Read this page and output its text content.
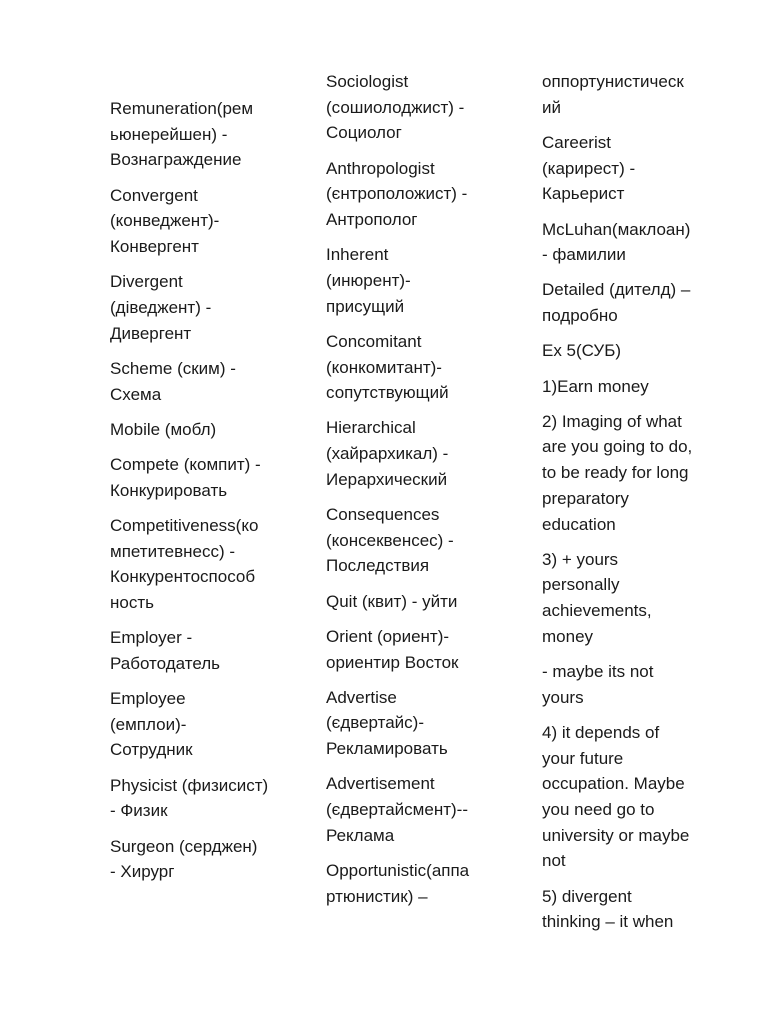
Remuneration(рем
ьюнерейшен) -
Вознаграждение

Convergent
(конведжент)-
Конвергент

Divergent
(діведжент) -
Дивергент

Scheme (ским) -
Схема

Mobile (мобл)

Compete (компит) -
Конкурировать

Competitiveness(ко
мпетитевнесс) -
Конкурентоспособ
ность

Employer -
Работодатель

Employee
(емплои)-
Сотрудник

Physicist (физисист)
- Физик

Surgeon (серджен)
- Хирург

Sociologist
(сошиолоджист) -
Социолог

Anthropologist
(єнтроположист) -
Антрополог

Inherent
(инюрент)-
присущий

Concomitant
(конкомитант)-
сопутствующий

Hierarchical
(хайрархикал) -
Иерархический

Consequences
(консеквенсес) -
Последствия

Quit (квит) - уйти

Orient (ориент)-
ориентир Восток

Advertise
(єдвертайс)-
Рекламировать

Advertisement
(єдвертайсмент)--
Реклама

Opportunistic(аппа
ртюнистик) –

оппортунистическ
ий

Careerist
(карирест) -
Карьерист

McLuhan(маклоан)
- фамилии

Detailed (дителд) –
подробно

Ex 5(СУБ)

1)Earn money

2) Imaging of what
are you going to do,
to be ready for long
preparatory
education

3) + yours
personally
achievements,
money

- maybe its not
yours

4) it depends of
your future
occupation. Maybe
you need go to
university or maybe
not

5) divergent
thinking – it when
